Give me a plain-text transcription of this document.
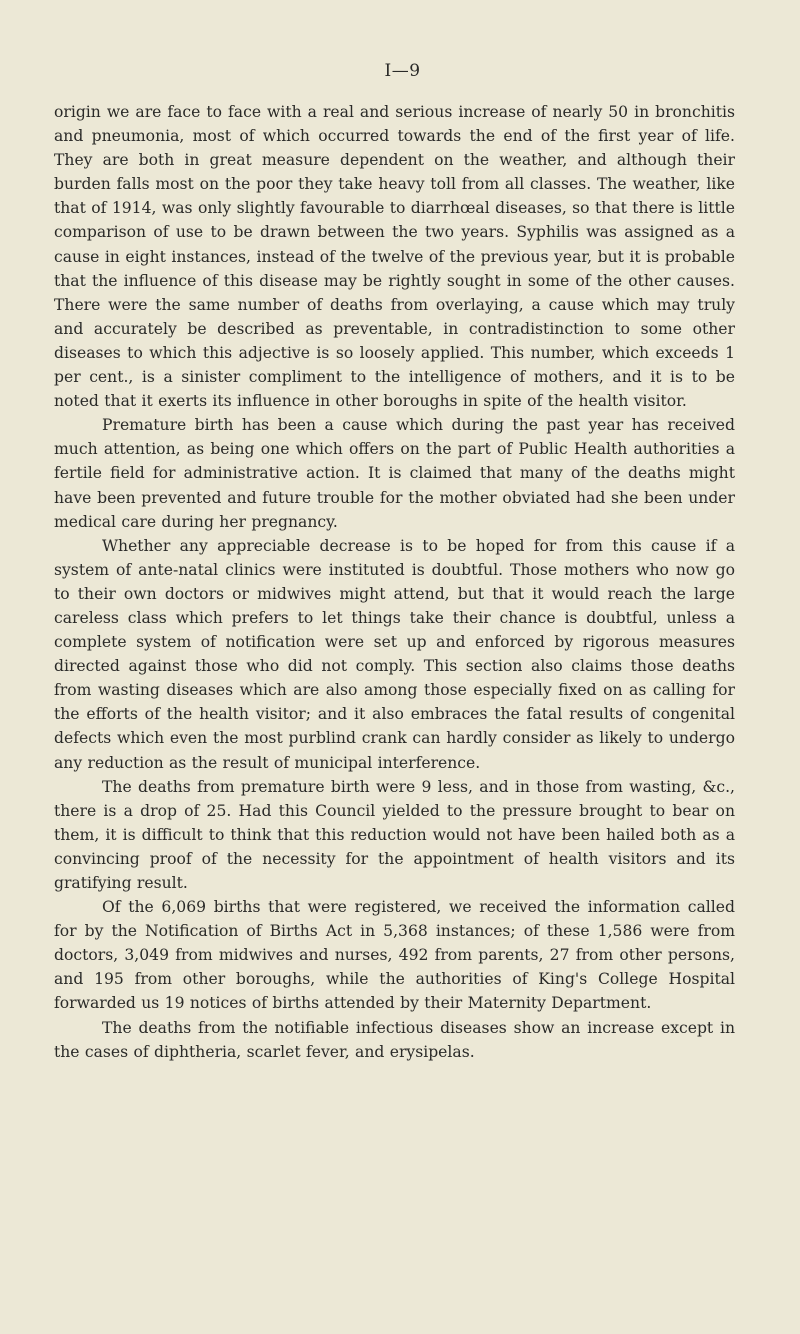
I—9

origin we are face to face with a real and serious increase of nearly 50 in bronchitis and pneumonia, most of which occurred towards the end of the first year of life. They are both in great measure dependent on the weather, and although their burden falls most on the poor they take heavy toll from all classes. The weather, like that of 1914, was only slightly favourable to diarrhœal diseases, so that there is little comparison of use to be drawn between the two years. Syphilis was assigned as a cause in eight instances, instead of the twelve of the previous year, but it is probable that the influence of this disease may be rightly sought in some of the other causes. There were the same number of deaths from overlaying, a cause which may truly and accurately be described as preventable, in contradistinction to some other diseases to which this adjective is so loosely applied. This number, which exceeds 1 per cent., is a sinister compliment to the intelligence of mothers, and it is to be noted that it exerts its influence in other boroughs in spite of the health visitor.

Premature birth has been a cause which during the past year has received much attention, as being one which offers on the part of Public Health authorities a fertile field for administrative action. It is claimed that many of the deaths might have been prevented and future trouble for the mother obviated had she been under medical care during her pregnancy.

Whether any appreciable decrease is to be hoped for from this cause if a system of ante-natal clinics were instituted is doubtful. Those mothers who now go to their own doctors or midwives might attend, but that it would reach the large careless class which prefers to let things take their chance is doubtful, unless a complete system of notification were set up and enforced by rigorous measures directed against those who did not comply. This section also claims those deaths from wasting diseases which are also among those especially fixed on as calling for the efforts of the health visitor; and it also embraces the fatal results of congenital defects which even the most purblind crank can hardly consider as likely to undergo any reduction as the result of municipal interference.

The deaths from premature birth were 9 less, and in those from wasting, &c., there is a drop of 25. Had this Council yielded to the pressure brought to bear on them, it is difficult to think that this reduction would not have been hailed both as a convincing proof of the necessity for the appointment of health visitors and its gratifying result.

Of the 6,069 births that were registered, we received the information called for by the Notification of Births Act in 5,368 instances; of these 1,586 were from doctors, 3,049 from midwives and nurses, 492 from parents, 27 from other persons, and 195 from other boroughs, while the authorities of King's College Hospital forwarded us 19 notices of births attended by their Maternity Department.

The deaths from the notifiable infectious diseases show an increase except in the cases of diphtheria, scarlet fever, and erysipelas.
